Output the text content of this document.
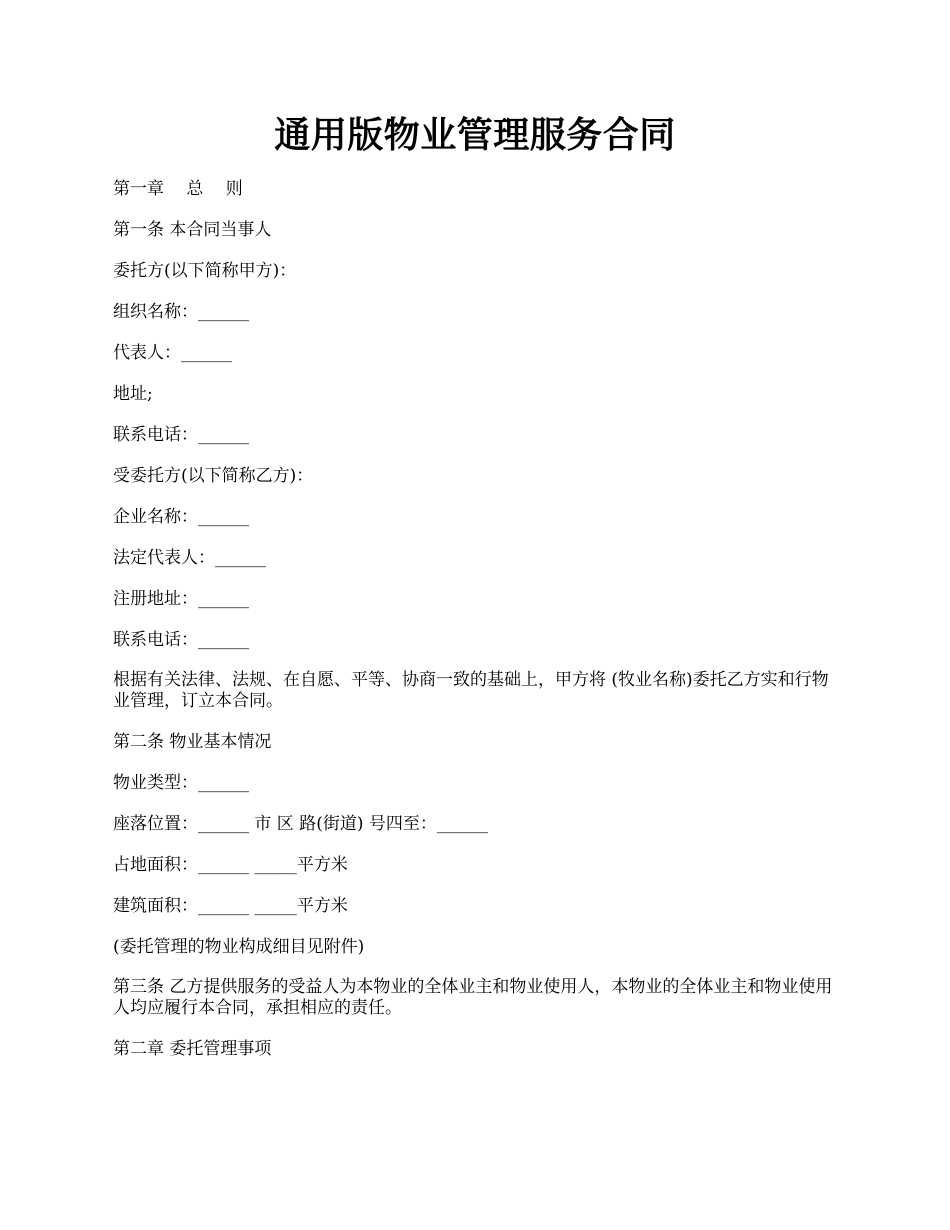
通用版物业管理服务合同

第一章　 总　 则

第一条 本合同当事人

委托方(以下简称甲方)：

组织名称：______

代表人：______

地址;

联系电话：______

受委托方(以下简称乙方)：

企业名称：______

法定代表人：______

注册地址：______

联系电话：______

根据有关法律、法规、在自愿、平等、协商一致的基础上，甲方将 (牧业名称)委托乙方实和行物业管理，订立本合同。

第二条 物业基本情况

物业类型：______

座落位置：______ 市 区 路(街道) 号四至：______

占地面积：______ _____平方米

建筑面积：______ _____平方米

(委托管理的物业构成细目见附件)

第三条 乙方提供服务的受益人为本物业的全体业主和物业使用人，本物业的全体业主和物业使用人均应履行本合同，承担相应的责任。

第二章 委托管理事项
